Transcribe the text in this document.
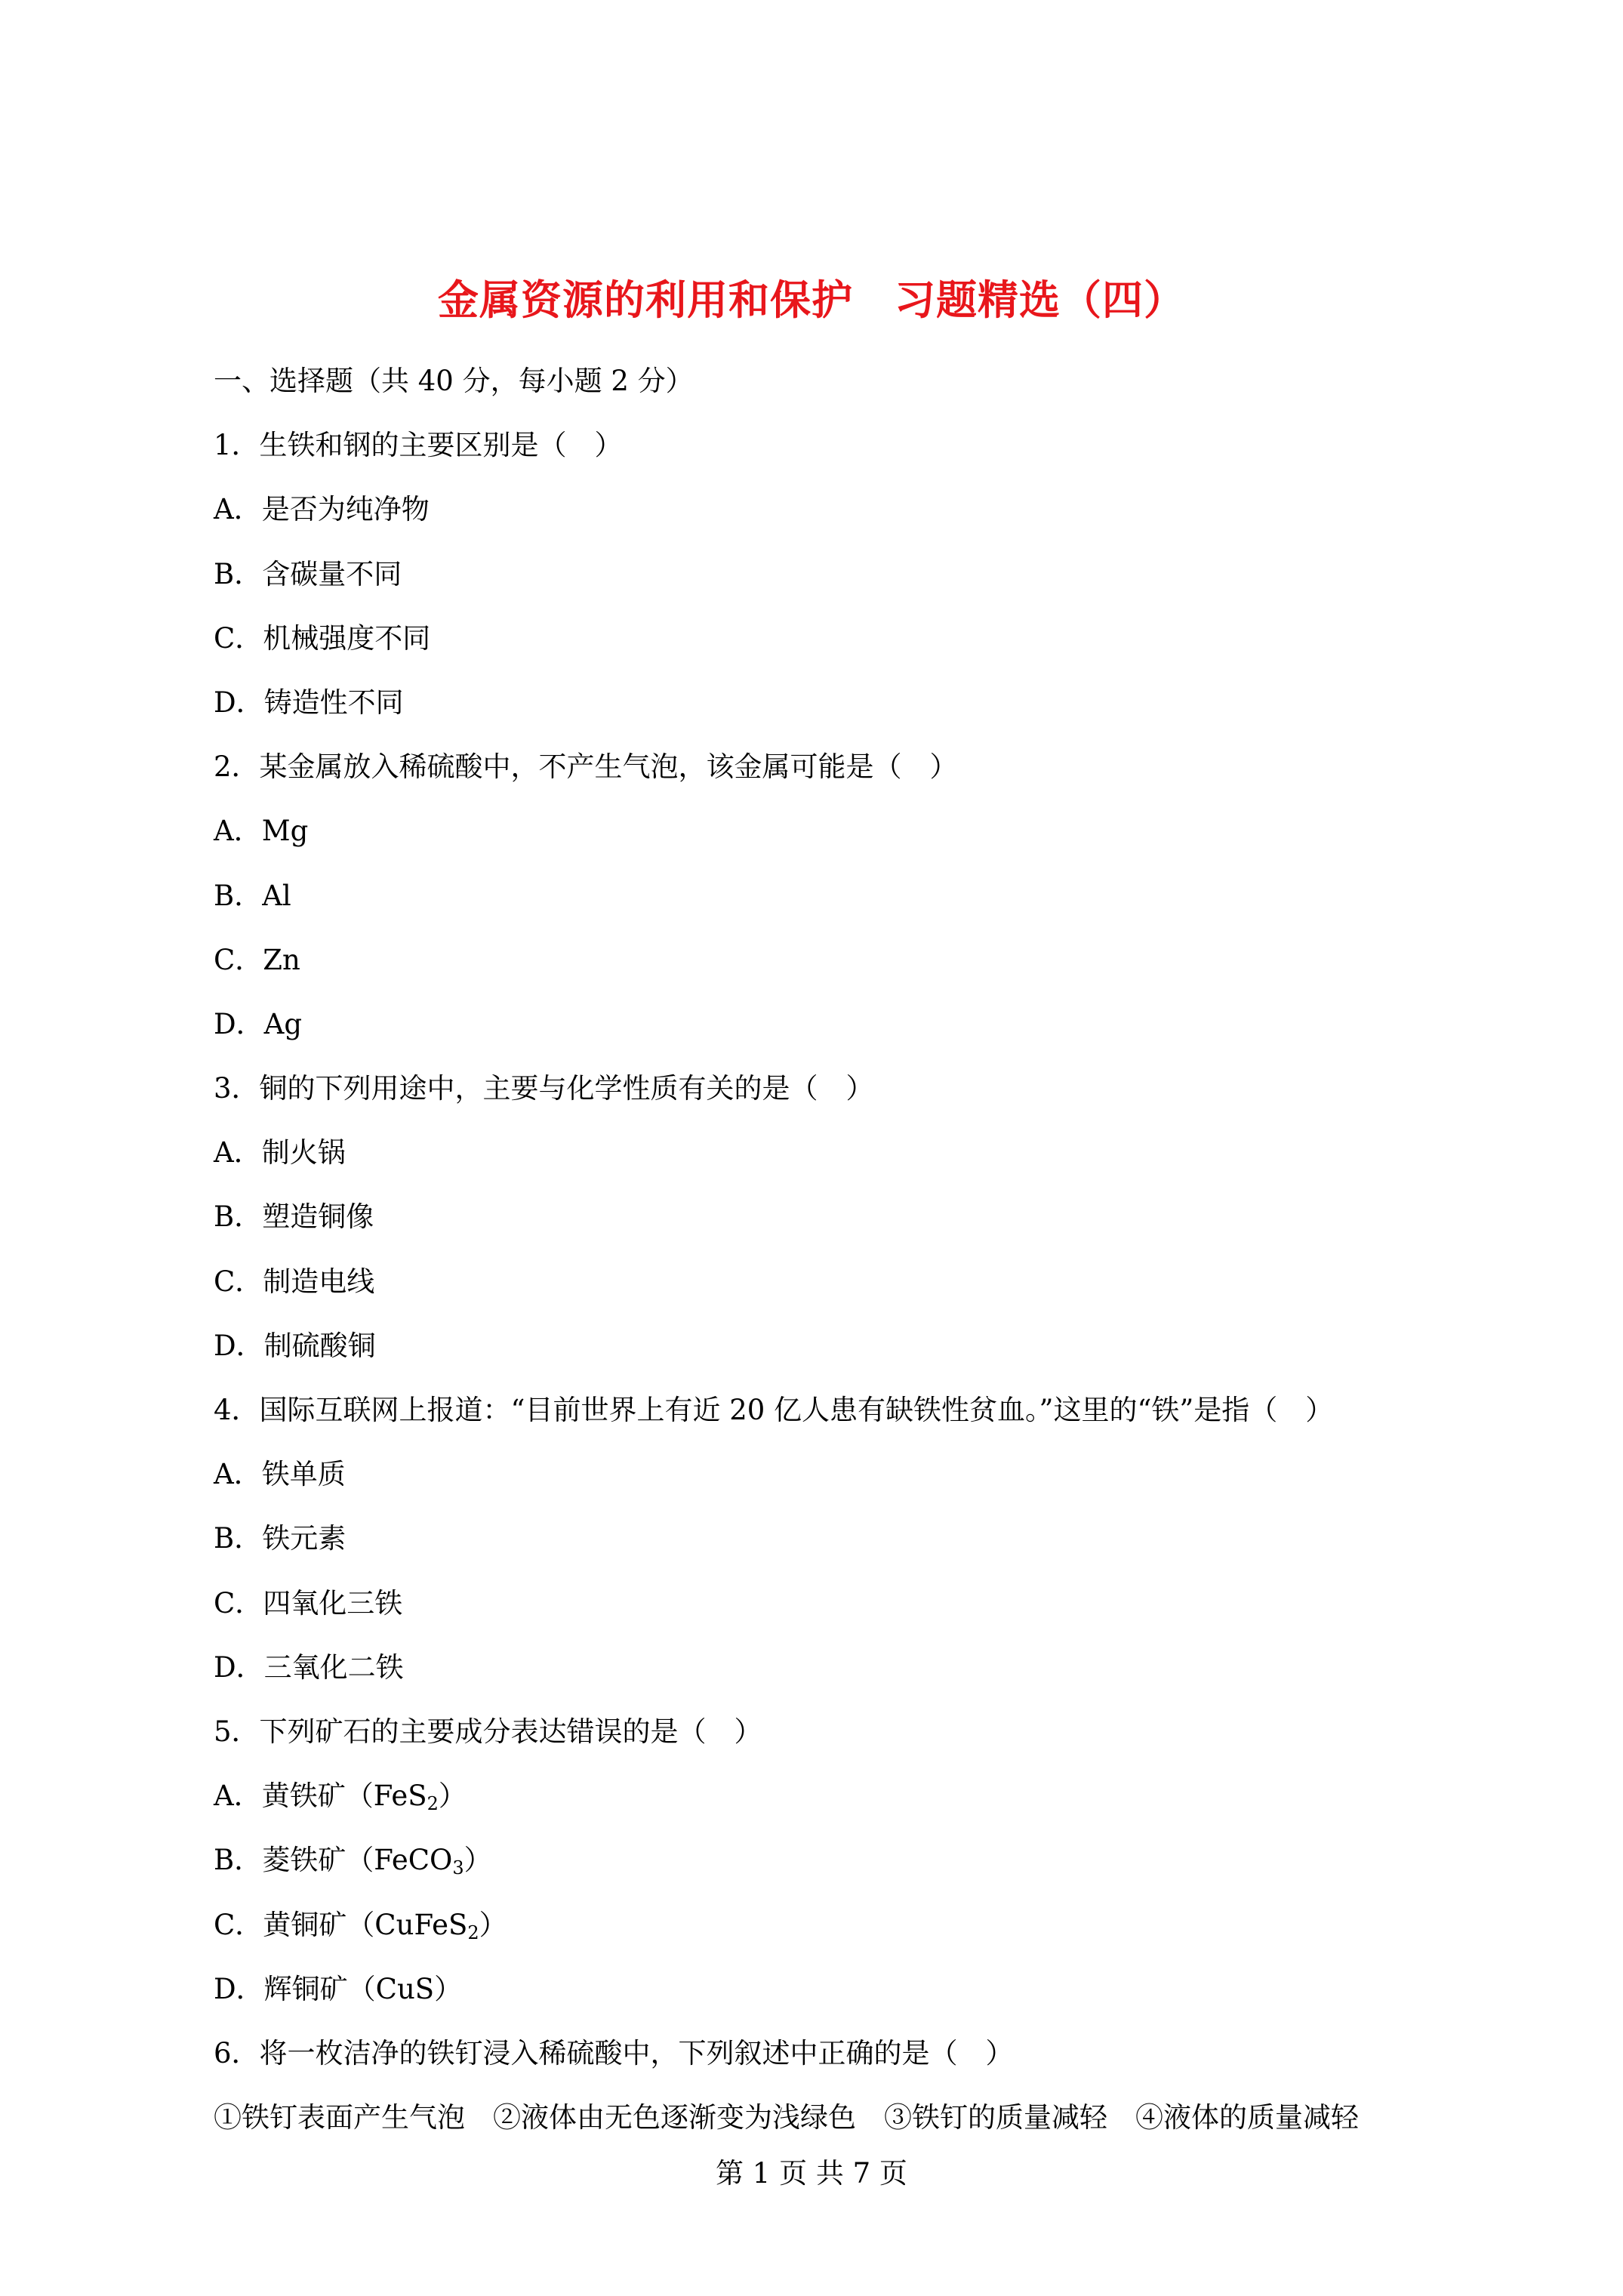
金属资源的利用和保护　习题精选（四）
一、选择题（共 40 分，每小题 2 分）
1．生铁和钢的主要区别是（　）
A．是否为纯净物
B．含碳量不同
C．机械强度不同
D．铸造性不同
2．某金属放入稀硫酸中，不产生气泡，该金属可能是（　）
A．Mg
B．Al
C．Zn
D．Ag
3．铜的下列用途中，主要与化学性质有关的是（　）
A．制火锅
B．塑造铜像
C．制造电线
D．制硫酸铜
4．国际互联网上报道：“目前世界上有近 20 亿人患有缺铁性贫血。”这里的“铁”是指（　）
A．铁单质
B．铁元素
C．四氧化三铁
D．三氧化二铁
5．下列矿石的主要成分表达错误的是（　）
A．黄铁矿（FeS$_2$）
B．菱铁矿（FeCO$_3$）
C．黄铜矿（CuFeS$_2$）
D．辉铜矿（CuS）
6．将一枚洁净的铁钉浸入稀硫酸中，下列叙述中正确的是（　）
①铁钉表面产生气泡　②液体由无色逐渐变为浅绿色　③铁钉的质量减轻　④液体的质量减轻
第 1 页 共 7 页
